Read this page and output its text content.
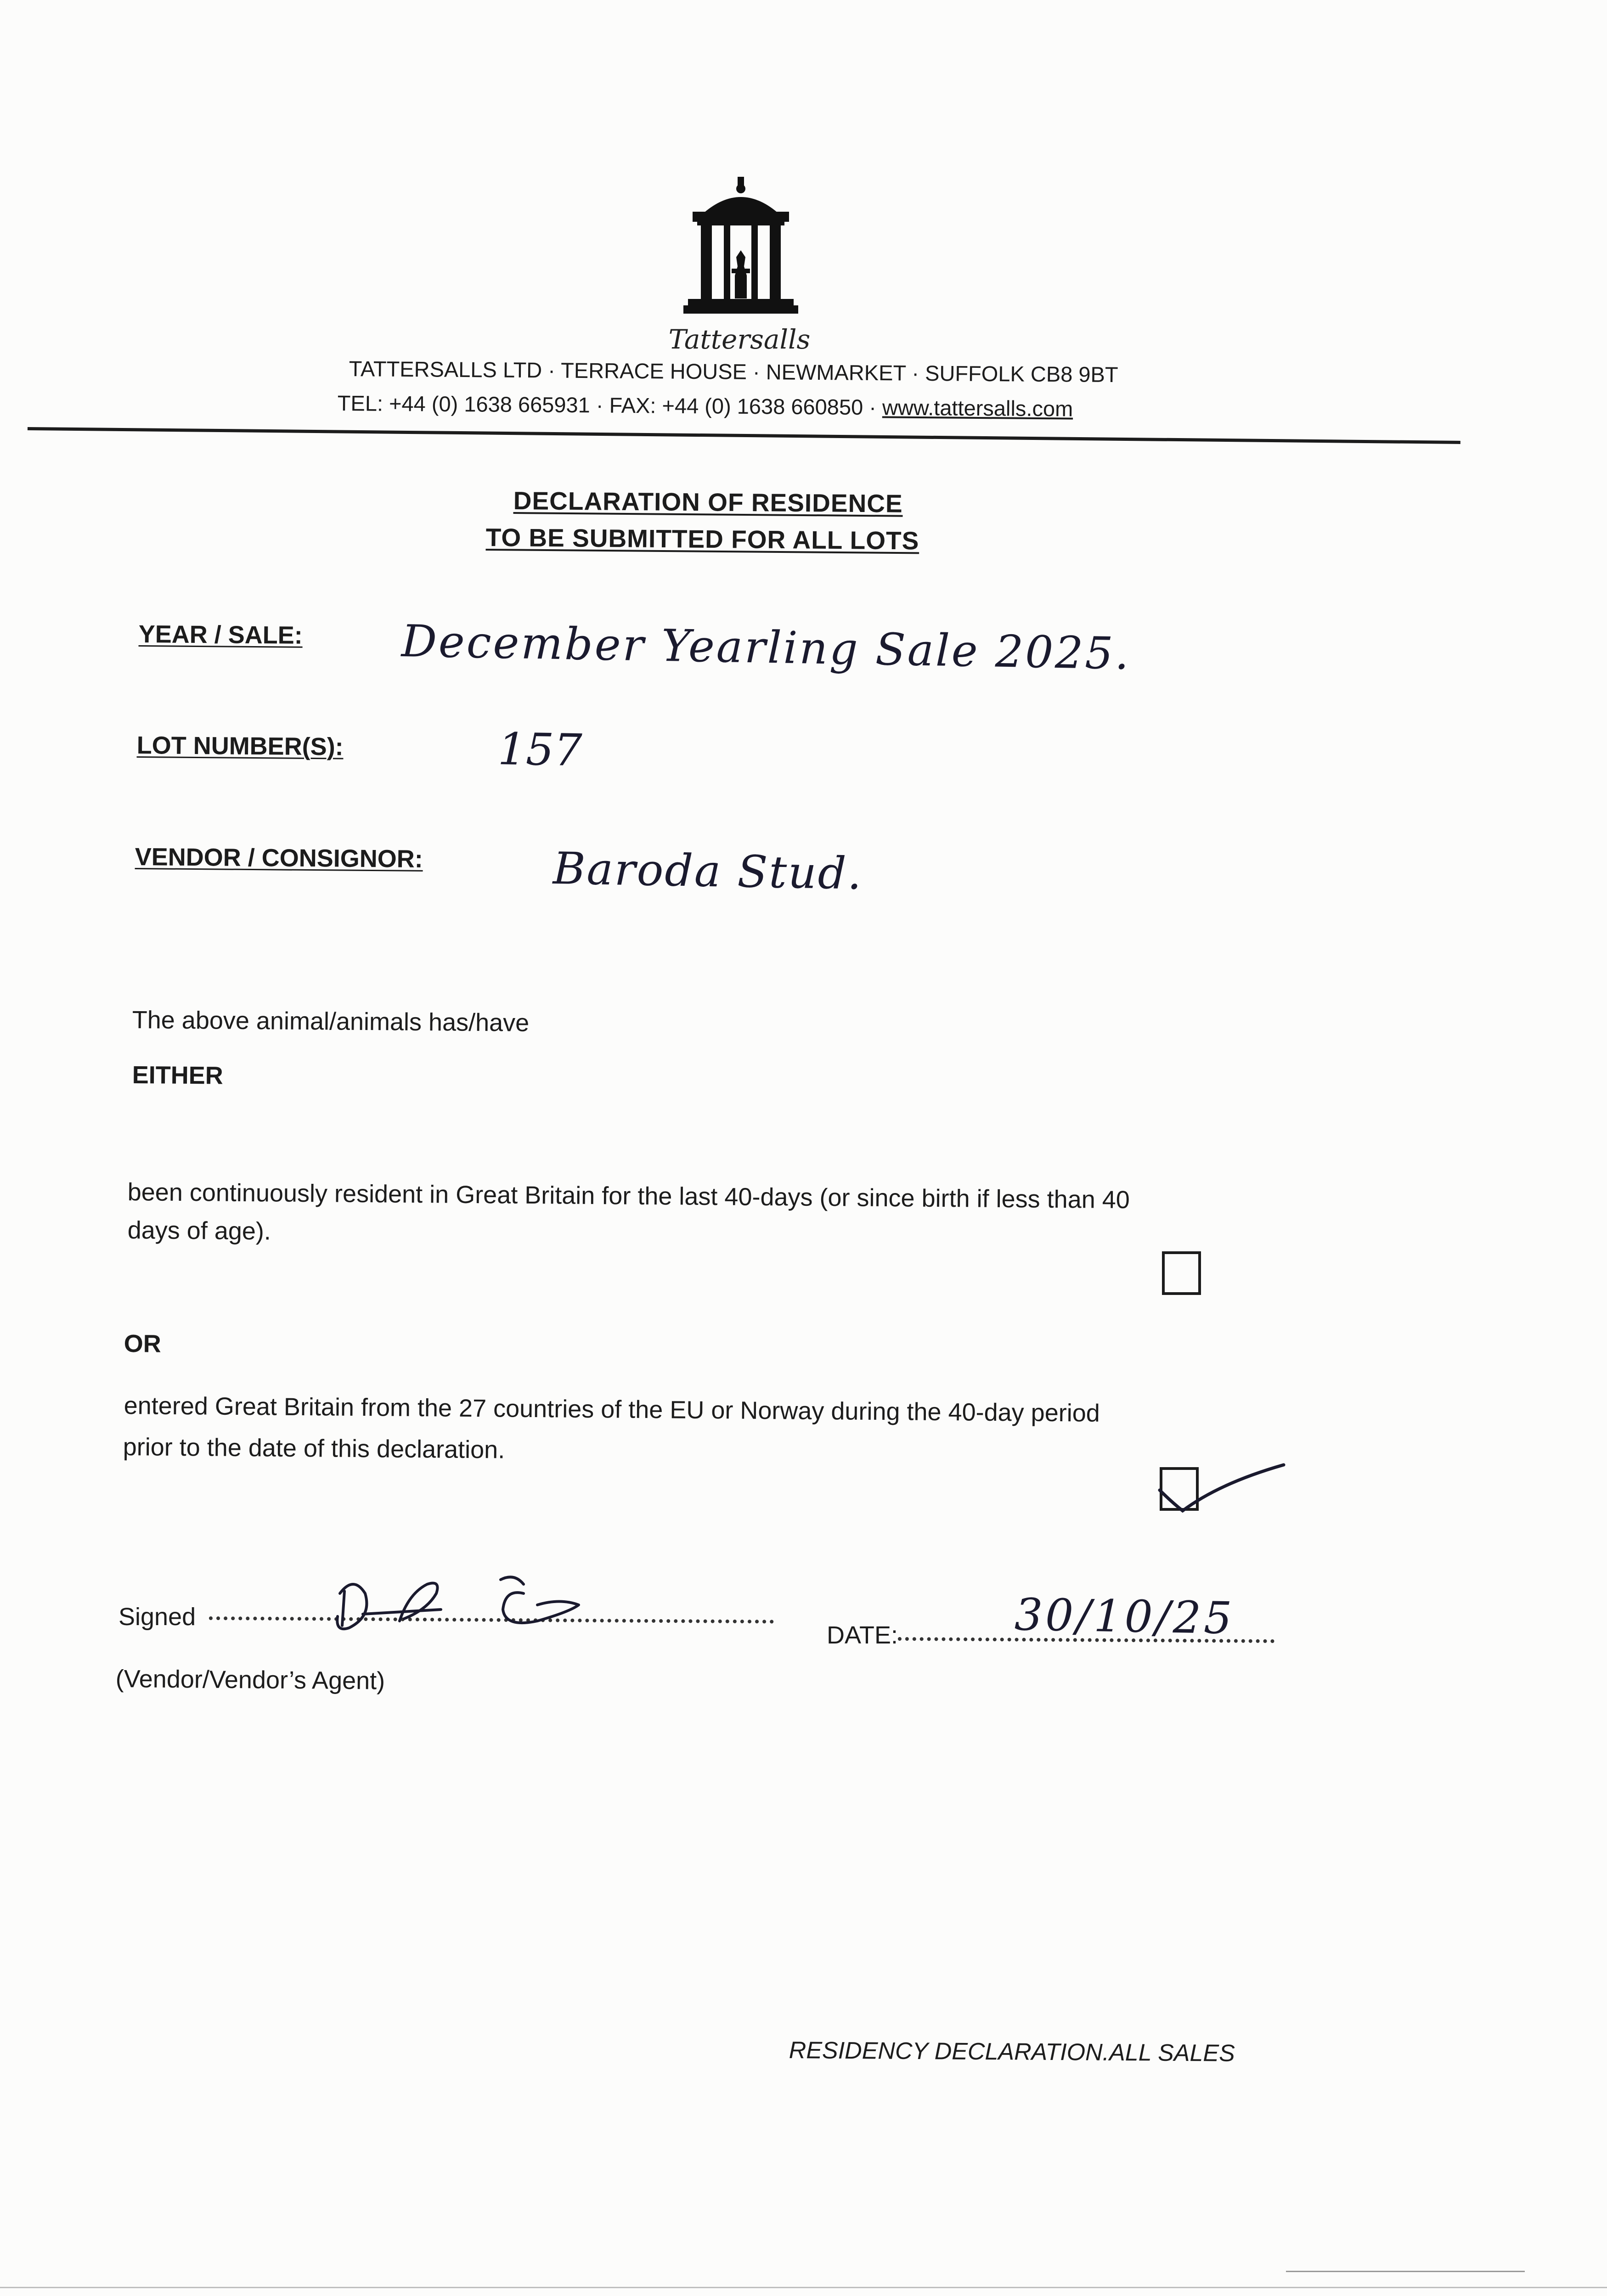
Tattersalls
TATTERSALLS LTD · TERRACE HOUSE · NEWMARKET · SUFFOLK CB8 9BT
TEL: +44 (0) 1638 665931 · FAX: +44 (0) 1638 660850 · www.tattersalls.com
DECLARATION OF RESIDENCE
TO BE SUBMITTED FOR ALL LOTS
YEAR / SALE: December Yearling Sale 2025.
LOT NUMBER(S):	157
VENDOR / CONSIGNOR:	Baroda Stud.
The above animal/animals has/have
EITHER
been continuously resident in Great Britain for the last 40-days (or since birth if less than 40
days of age).
OR
entered Great Britain from the 27 countries of the EU or Norway during the 40-day period
prior to the date of this declaration.
Signed
DATE:	30/10/25
(Vendor/Vendor’s Agent)
RESIDENCY DECLARATION.ALL SALES
